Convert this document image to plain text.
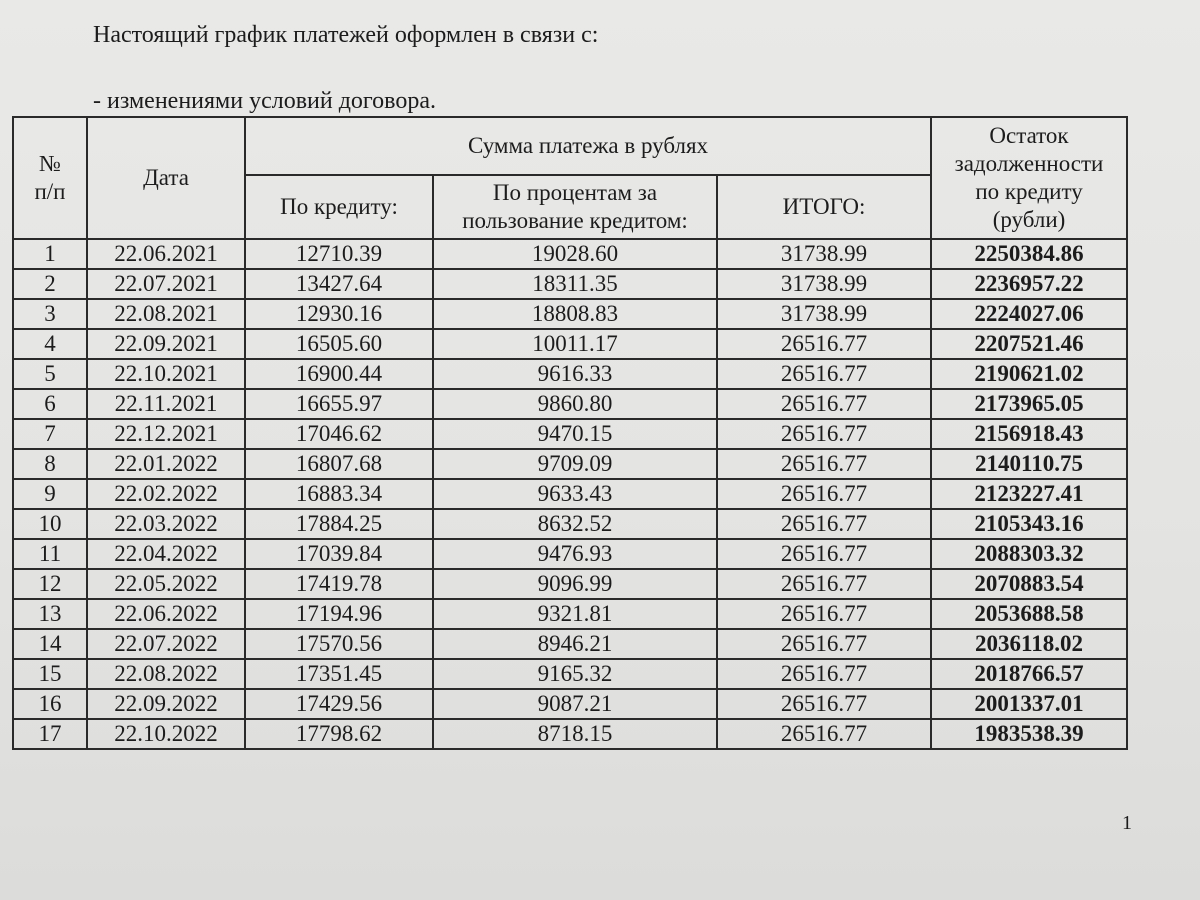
Настоящий график платежей оформлен в связи с:
- изменениями условий договора.
№ п/п	Дата	Сумма платежа в рублях			Остаток задолженности по кредиту (рубли)
		По кредиту:	По процентам за пользование кредитом:	ИТОГО:	
1	22.06.2021	12710.39	19028.60	31738.99	2250384.86
2	22.07.2021	13427.64	18311.35	31738.99	2236957.22
3	22.08.2021	12930.16	18808.83	31738.99	2224027.06
4	22.09.2021	16505.60	10011.17	26516.77	2207521.46
5	22.10.2021	16900.44	9616.33	26516.77	2190621.02
6	22.11.2021	16655.97	9860.80	26516.77	2173965.05
7	22.12.2021	17046.62	9470.15	26516.77	2156918.43
8	22.01.2022	16807.68	9709.09	26516.77	2140110.75
9	22.02.2022	16883.34	9633.43	26516.77	2123227.41
10	22.03.2022	17884.25	8632.52	26516.77	2105343.16
11	22.04.2022	17039.84	9476.93	26516.77	2088303.32
12	22.05.2022	17419.78	9096.99	26516.77	2070883.54
13	22.06.2022	17194.96	9321.81	26516.77	2053688.58
14	22.07.2022	17570.56	8946.21	26516.77	2036118.02
15	22.08.2022	17351.45	9165.32	26516.77	2018766.57
16	22.09.2022	17429.56	9087.21	26516.77	2001337.01
17	22.10.2022	17798.62	8718.15	26516.77	1983538.39
1
